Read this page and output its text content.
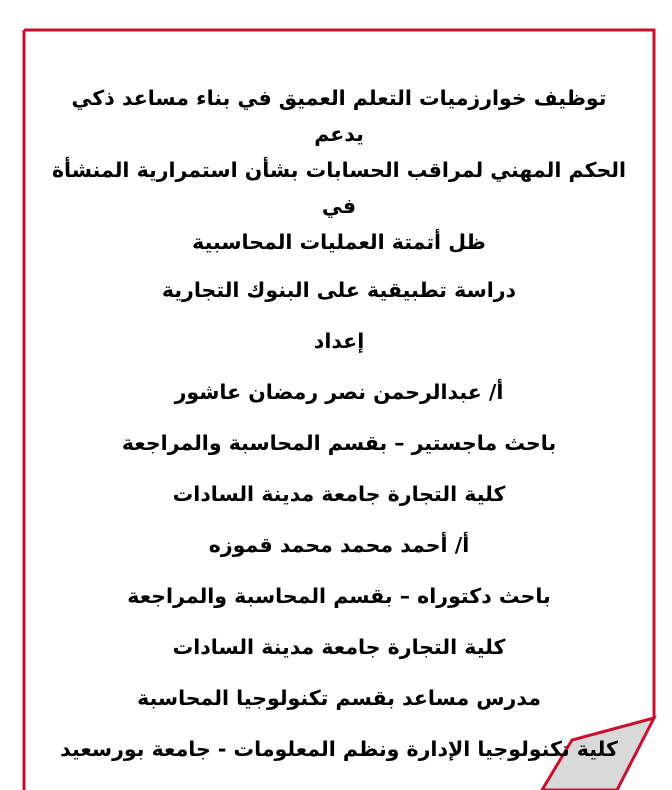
توظيف خوارزميات التعلم العميق في بناء مساعد ذكي يدعم

الحكم المهني لمراقب الحسابات بشأن استمرارية المنشأة في

ظل أتمتة العمليات المحاسبية

دراسة تطبيقية على البنوك التجارية

إعداد

أ/ عبدالرحمن نصر رمضان عاشور

باحث ماجستير – بقسم المحاسبة والمراجعة

كلية التجارة جامعة مدينة السادات

أ/ أحمد محمد محمد قموزه

باحث دكتوراه – بقسم المحاسبة والمراجعة

كلية التجارة جامعة مدينة السادات

مدرس مساعد بقسم تكنولوجيا المحاسبة

كلية تكنولوجيا الإدارة ونظم المعلومات - جامعة بورسعيد
